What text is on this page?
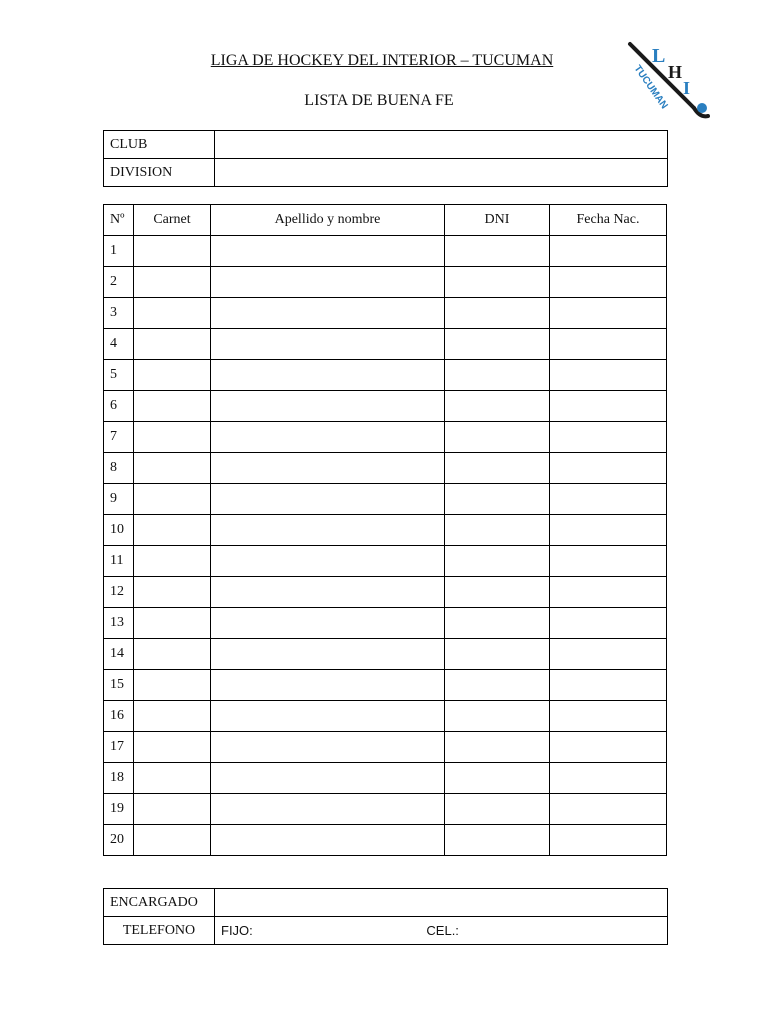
LIGA DE HOCKEY DEL INTERIOR – TUCUMAN
LISTA DE BUENA FE
L
H
I
TUCUMAN
CLUB	
DIVISION	
Nº	Carnet	Apellido y nombre	DNI	Fecha Nac.
1				
2				
3				
4				
5				
6				
7				
8				
9				
10				
11				
12				
13				
14				
15				
16				
17				
18				
19				
20				
ENCARGADO	
TELEFONO	FIJO: CEL.:
